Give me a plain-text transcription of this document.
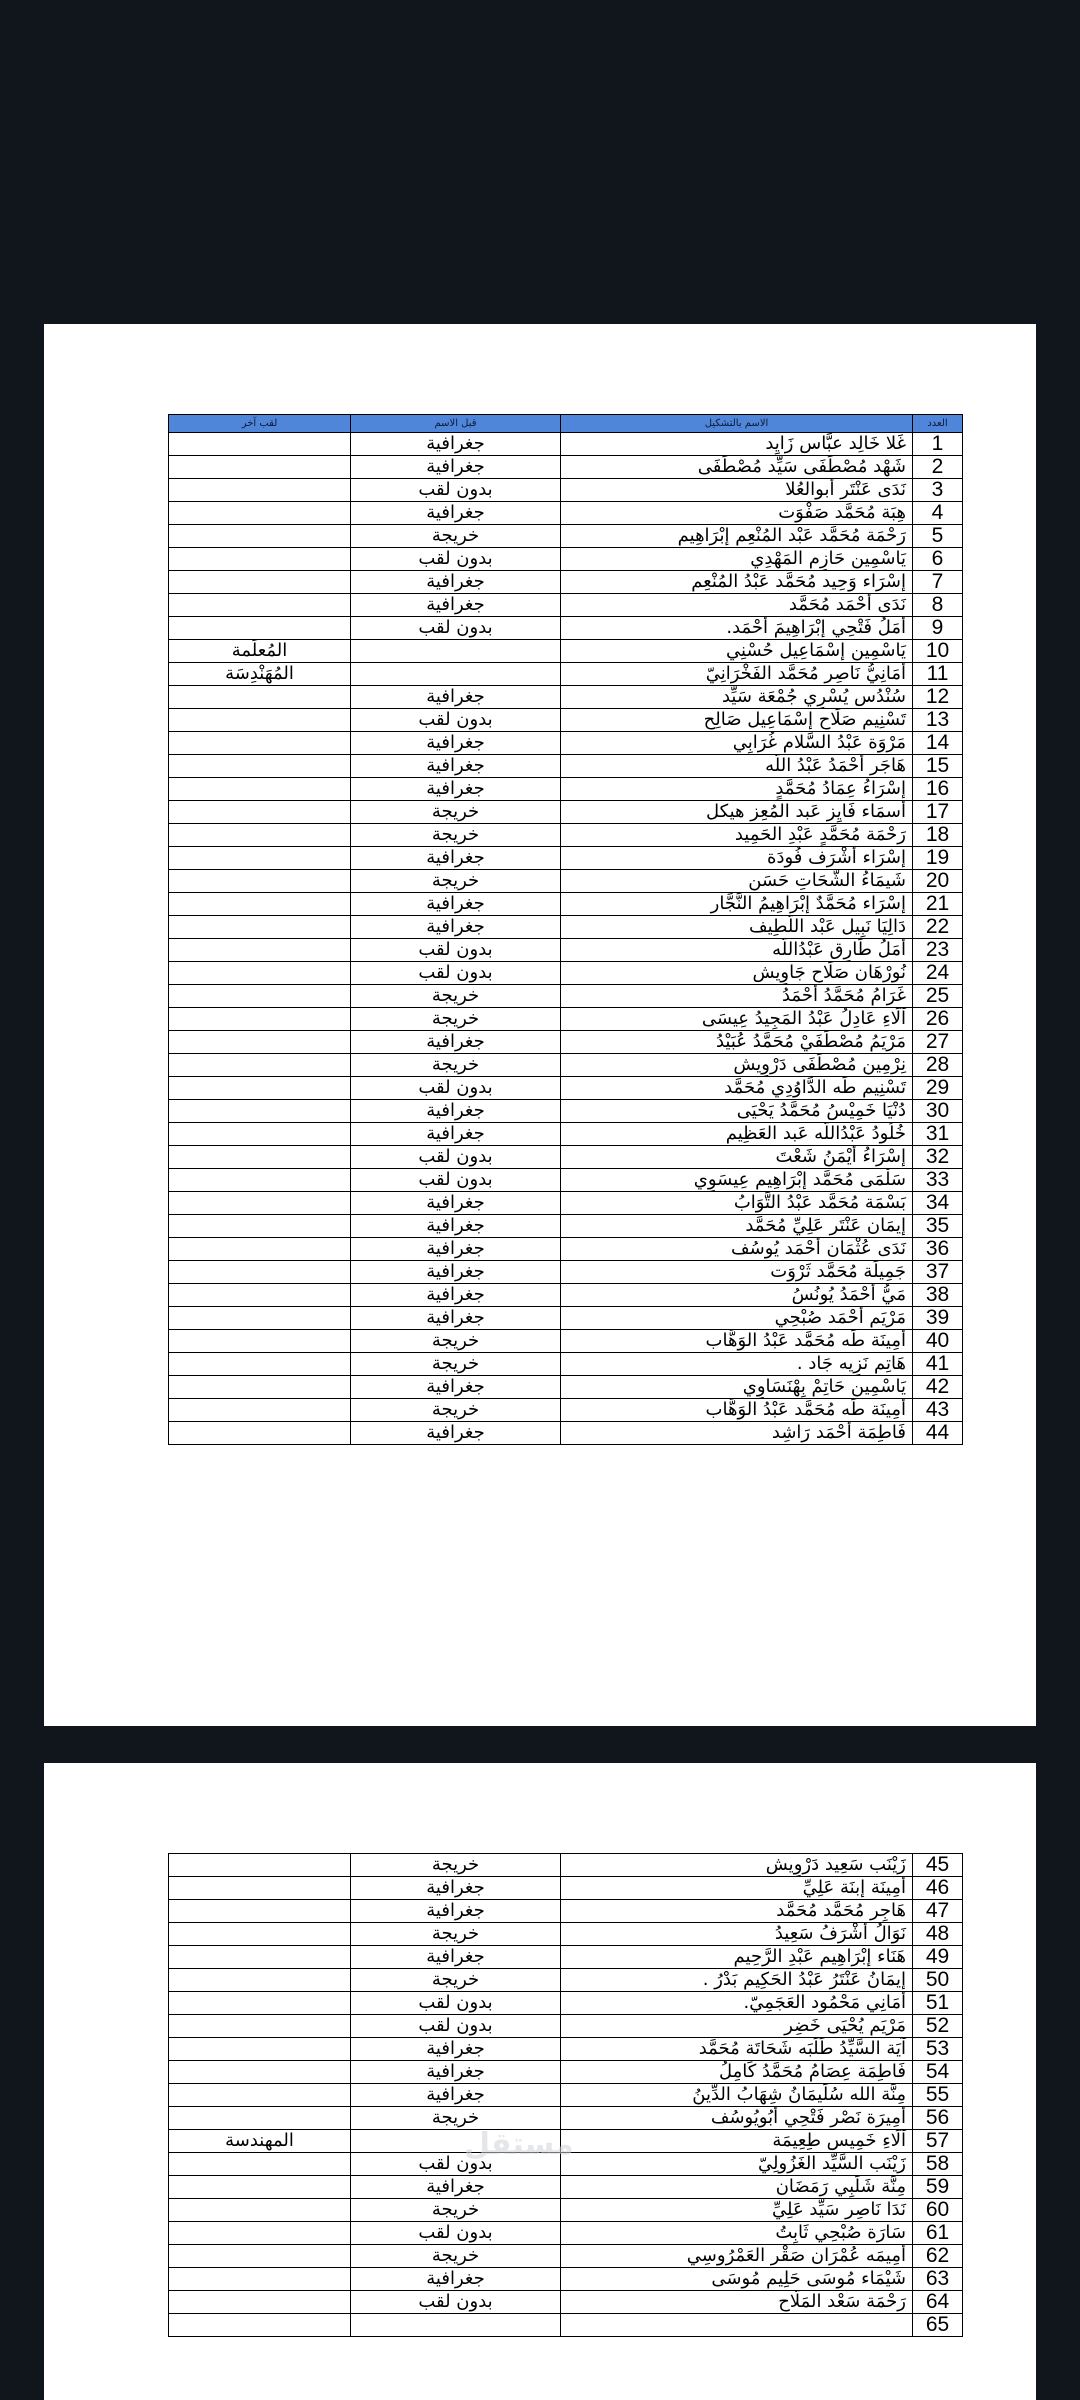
العدد	الاسم بالتشكيل	قبل الاسم	لقب آخر
1	غَلا خَالِد عبَّاس زَايِد	جغرافية	
2	شَهْد مُصْطَفَى سَيِّد مُصْطَفَى	جغرافية	
3	نَدَى عَنْتَر أبوالعُلا	بدون لقب	
4	هِبَة مُحَمَّد صَفْوَت	جغرافية	
5	رَحْمَة مُحَمَّد عَبْد المُنْعِم إبْرَاهِيم	خريجة	
6	يَاسْمِين حَازِم المَهْدِي	بدون لقب	
7	إسْرَاء وَحِيد مُحَمَّد عَبْدُ المُنْعِم	جغرافية	
8	نَدَى أحْمَد مُحَمَّد	جغرافية	
9	أمَلُ فَتْحِي إبْرَاهِيمَ أحْمَد.	بدون لقب	
10	يَاسْمِين إسْمَاعِيل حُسْنِي		المُعلِّمة
11	أمَانِيُّ نَاصِر مُحَمَّد الفَخْرَانِيّ		المُهَنْدِسَة
12	سُنْدُس يُسْرِي جُمْعَة سَيِّد	جغرافية	
13	تَسْنِيم صَلَاح إسْمَاعِيل صَالِح	بدون لقب	
14	مَرْوَة عَبْدُ السَّلام غُرَابِي	جغرافية	
15	هَاجَر أحْمَدُ عَبْدُ اللَّه	جغرافية	
16	إسْرَاءُ عِمَادُ مُحَمَّدٍ	جغرافية	
17	أسمَاء فَايِز عَبد المُعِز هيكل	خريجة	
18	رَحْمَة مُحَمَّدٍ عَبْدِ الحَمِيد	خريجة	
19	إسْرَاء أشْرَف فُودَة	جغرافية	
20	شَيمَاءُ الشَّحَاتِ حَسَن	خريجة	
21	إسْرَاء مُحَمَّدٌ إبْرَاهِيمُ النَّجَّار	جغرافية	
22	دَالِيَا نَبِيل عَبْد اللَّطِيف	جغرافية	
23	أمَلُ طَارِق عَبْدُاللَّه	بدون لقب	
24	نُورْهَان صَلَاح جَاوِيش	بدون لقب	
25	غَرَامُ مُحَمَّدُ أحْمَدُ	خريجة	
26	آلَاءِ عَادِلُ عَبْدُ المَجِيدُ عِيسَى	خريجة	
27	مَرْيَمُ مُصْطَفَيْ مُحَمَّدُ عُبَيْدُ	جغرافية	
28	نِرْمِين مُصْطَفَى دَرْوِيش	خريجة	
29	تَسْنِيم طَه الدَّاوُدِي مُحَمَّد	بدون لقب	
30	دُنْيَا خَمِيْسُ مُحَمَّدُ يَحْيَى	جغرافية	
31	خُلُودُ عَبْدُاللَّه عَبد العَظِيم	جغرافية	
32	إسْرَاءُ أيْمَنُ شَعْتَ	بدون لقب	
33	سَلْمَى مُحَمَّد إبْرَاهِيم عِيسَوِي	بدون لقب	
34	بَسْمَة مُحَمَّد عَبْدُ التَّوَابُ	جغرافية	
35	إيمَان عَنْتَر عَلِيِّ مُحَمَّد	جغرافية	
36	نَدَى عُثْمَان أحْمَد يُوسُف	جغرافية	
37	جَمِيلَة مُحَمَّد ثَرْوَت	جغرافية	
38	مَيُّ أحْمَدُ يُونُسُ	جغرافية	
39	مَرْيَم أحْمَد صُبْحِي	جغرافية	
40	أمِينَة طَه مُحَمَّد عَبْدُ الوَهَّاب	خريجة	
41	هَاتِم نَزِيه جَاد .	خريجة	
42	يَاسْمِين حَاتِمْ بِهْنَسَاوِي	جغرافية	
43	أمِينَة طَه مُحَمَّد عَبْدُ الوَهَّاب	خريجة	
44	فَاطِمَة أحْمَد رَاشِد	جغرافية	
45	زَيْنَب سَعِيد دَرْوِيش	خريجة	
46	أمِينَة إبنَة عَلِيِّ	جغرافية	
47	هَاجِر مُحَمَّد مُحَمَّد	جغرافية	
48	نَوَالُ أشْرَفُ سَعِيدُ	خريجة	
49	هَنَاء إبْرَاهِيم عَبْدِ الرَّحِيم	جغرافية	
50	إيمَانُ عَنْتَرُ عَبْدُ الحَكِيمِ بَدْرُ .	خريجة	
51	أمَانِي مَحْمُود العَجَمِيّ.	بدون لقب	
52	مَرْيَم يُحْيَى خَضِر	بدون لقب	
53	آيَة السَّيِّدُ طَلَبَه شَحَاتَة مُحَمَّد	جغرافية	
54	فَاطِمَة عِصَامُ مُحَمَّدُ كَامِلُ	جغرافية	
55	مِنَّة الله سُلَيمَانُ شِهَابُ الدِّينُ	جغرافية	
56	أمِيرَة نَصْر فَتْحِي أبُويُوسُف	خريجة	
57	آلَاءِ خَمِيس طِعِيمَة		المهندسة
58	زَيْنَب السَّيِّد الغَزُولِيّ	بدون لقب	
59	مِنَّة شَلَبِي رَمَضَان	جغرافية	
60	نَدَا نَاصِر سَيِّد عَلِيِّ	خريجة	
61	سَارَة صُبْحِي ثَابِتُ	بدون لقب	
62	أمِيمَه عُمْرَان صَقْر العَمْرُوسِي	خريجة	
63	شَيْمَاء مُوسَى حَلِيم مُوسَى	جغرافية	
64	رَحْمَة سَعْد المَلَّاح	بدون لقب	
65			
مستقل
